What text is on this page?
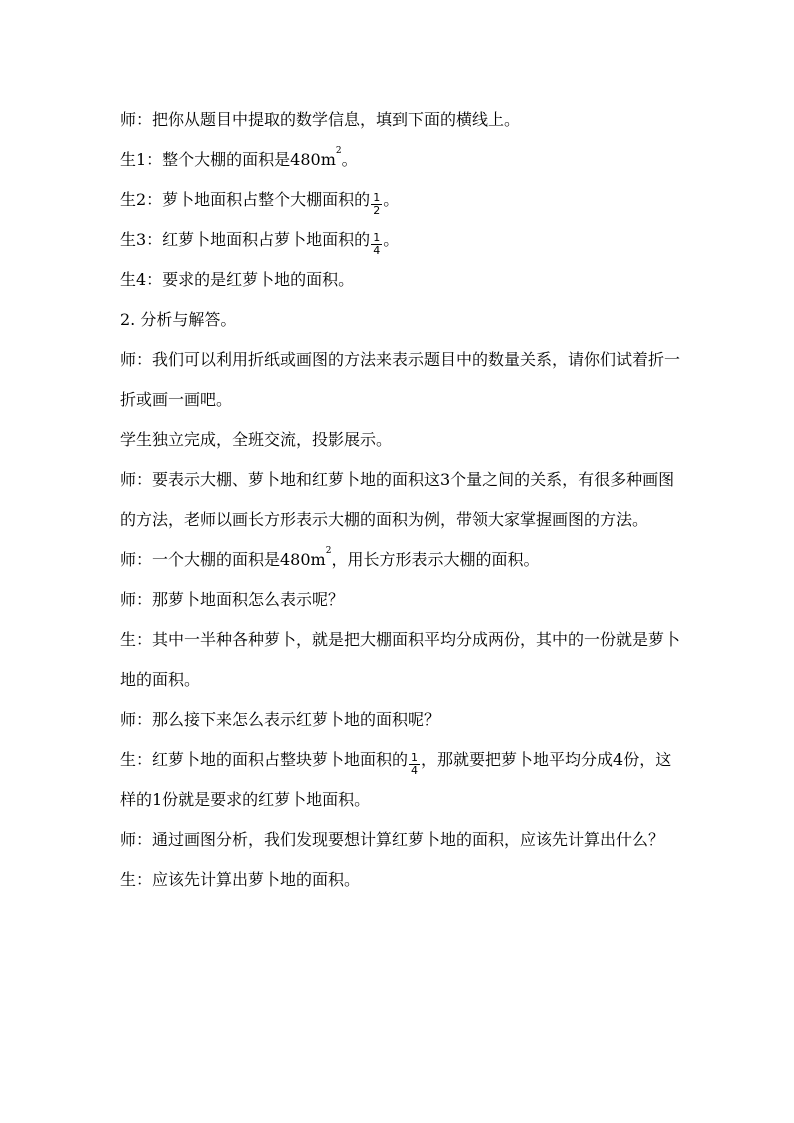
师：把你从题目中提取的数学信息，填到下面的横线上。

生1：整个大棚的面积是$480m^2$。

生2：萝卜地面积占整个大棚面积的 $\frac{1}{2}$ 。

生3：红萝卜地面积占萝卜地面积的 $\frac{1}{4}$ 。

生4：要求的是红萝卜地的面积。

2. 分析与解答。

师：我们可以利用折纸或画图的方法来表示题目中的数量关系，请你们试着折一折或画一画吧。

学生独立完成，全班交流，投影展示。

师：要表示大棚、萝卜地和红萝卜地的面积这3个量之间的关系，有很多种画图的方法，老师以画长方形表示大棚的面积为例，带领大家掌握画图的方法。

师：一个大棚的面积是$480m^2$，用长方形表示大棚的面积。

师：那萝卜地面积怎么表示呢？

生：其中一半种各种萝卜，就是把大棚面积平均分成两份，其中的一份就是萝卜地的面积。

师：那么接下来怎么表示红萝卜地的面积呢？

生：红萝卜地的面积占整块萝卜地面积的 $\frac{1}{4}$ ，那就要把萝卜地平均分成4份，这样的1份就是要求的红萝卜地面积。

师：通过画图分析，我们发现要想计算红萝卜地的面积，应该先计算出什么？

生：应该先计算出萝卜地的面积。
